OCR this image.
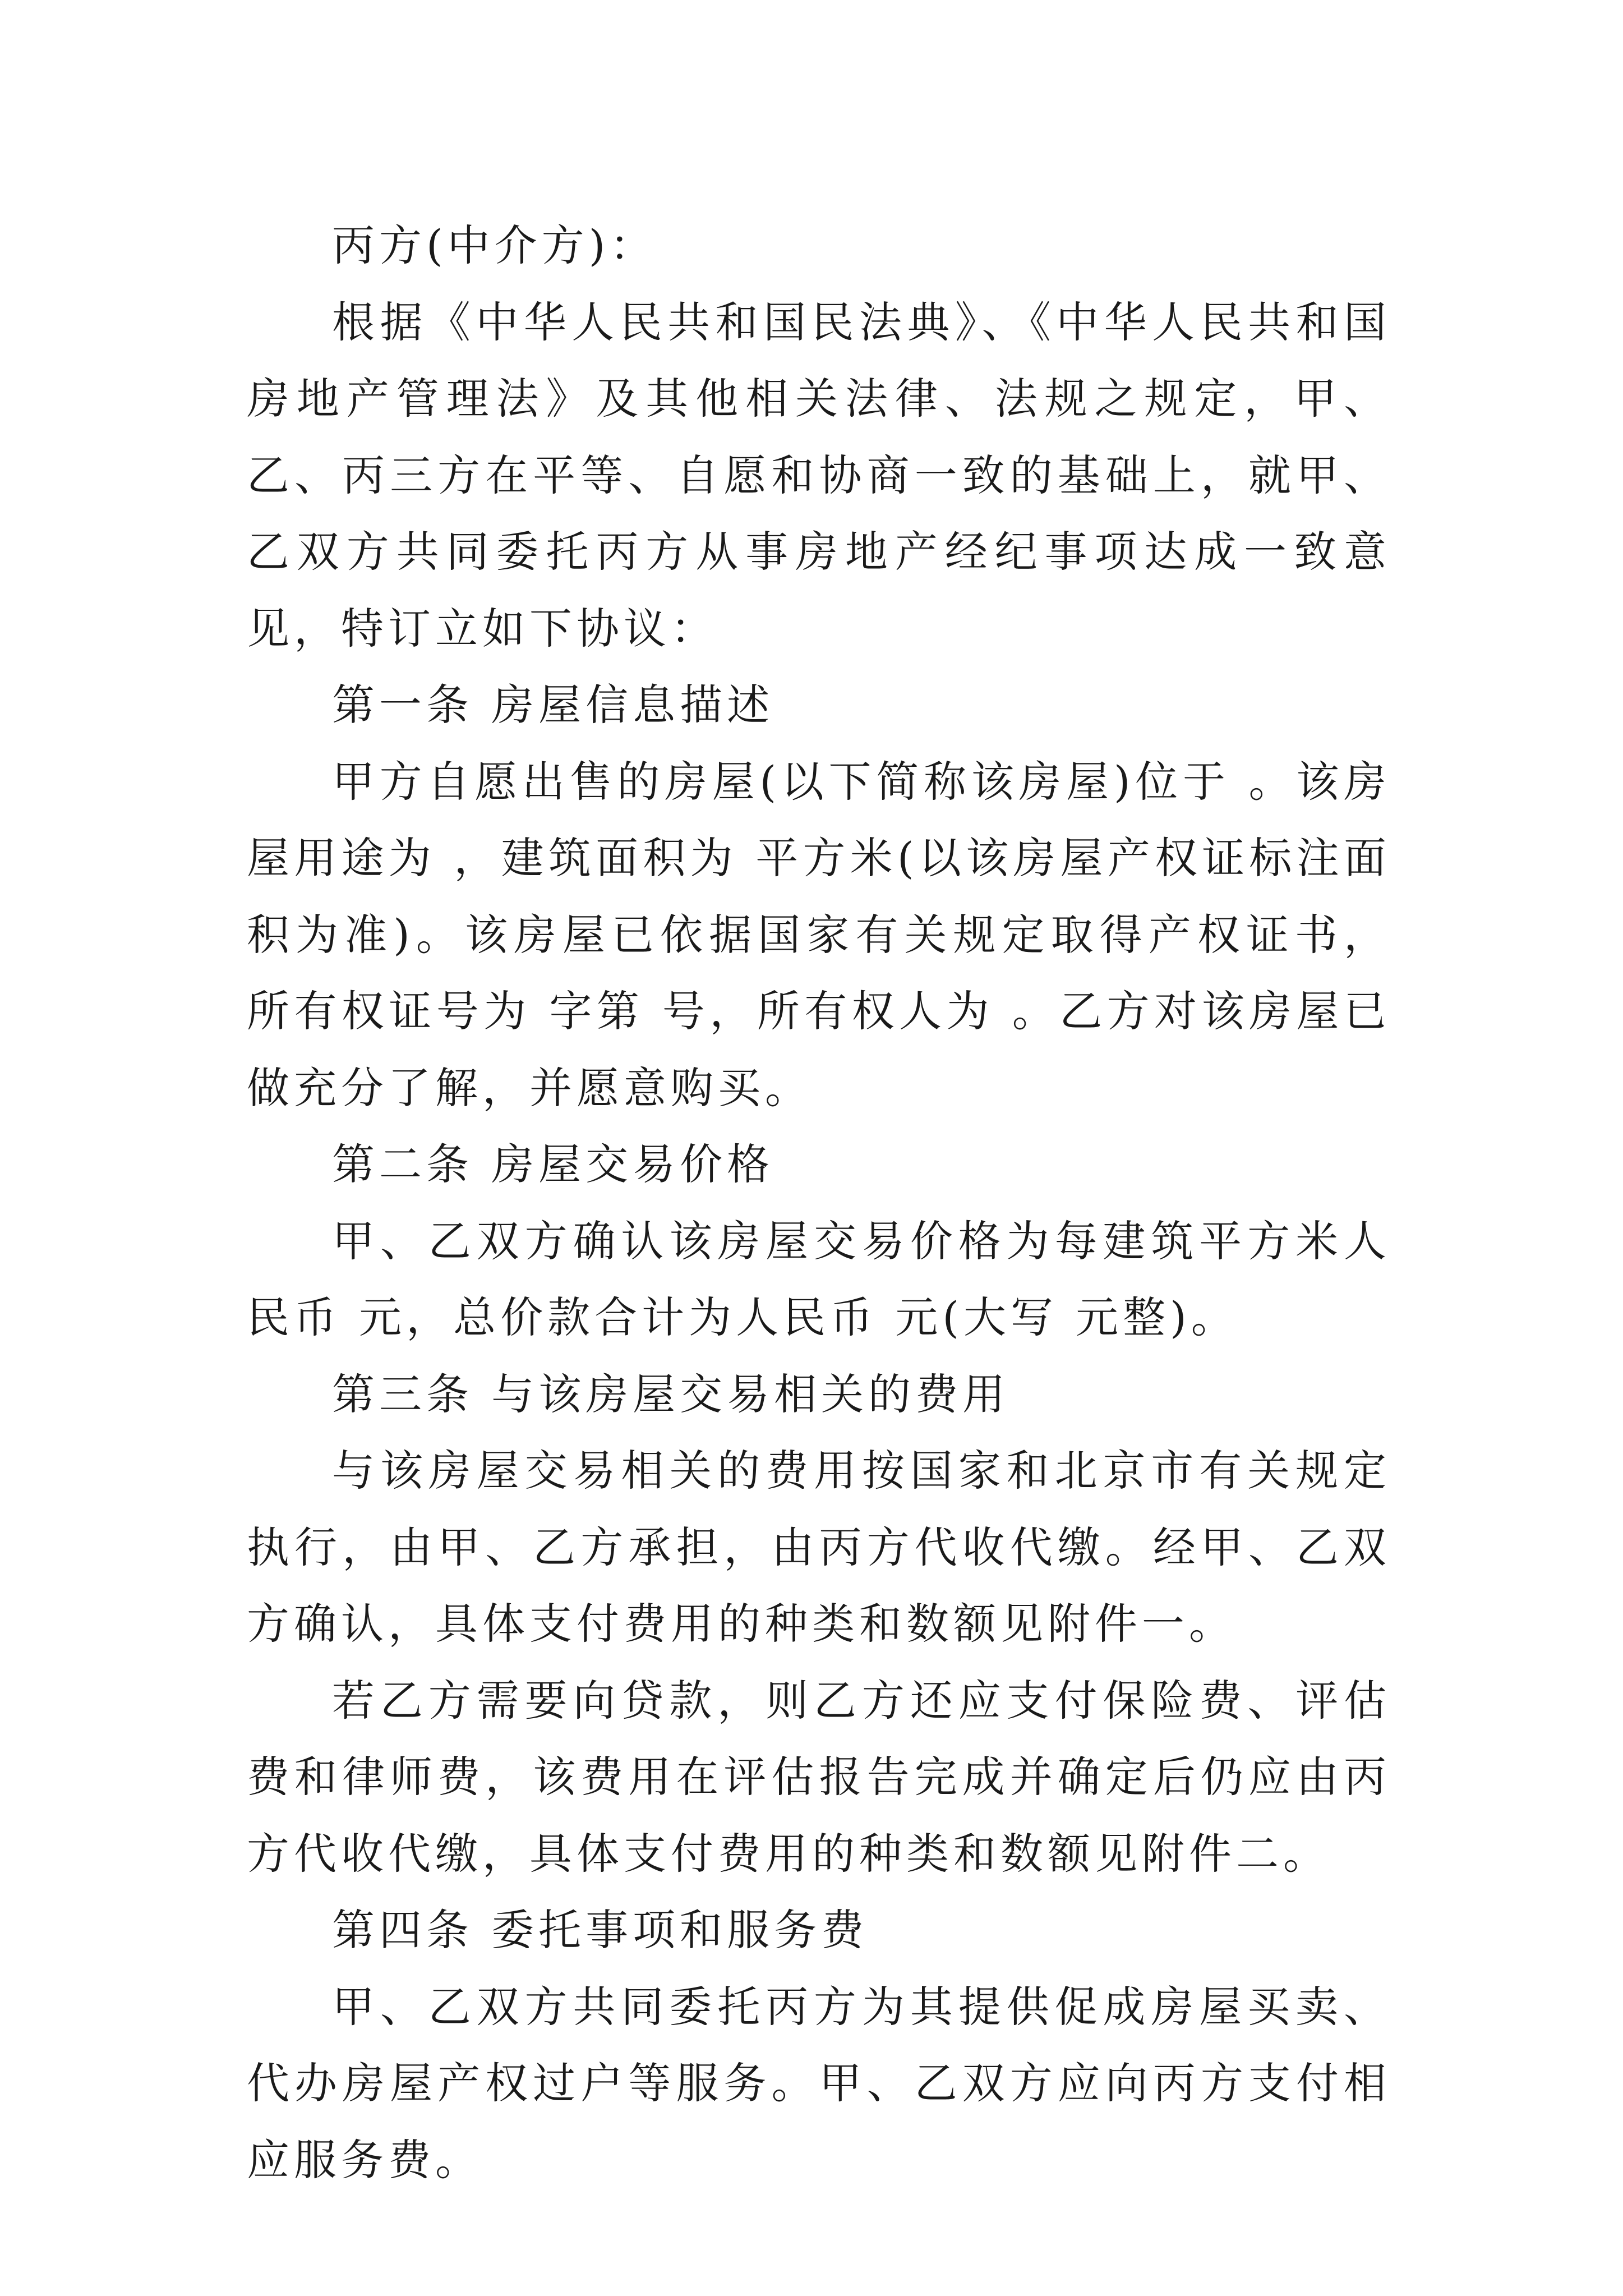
丙方(中介方)：

根据《中华人民共和国民法典》、《中华人民共和国房地产管理法》及其他相关法律、法规之规定，甲、乙、丙三方在平等、自愿和协商一致的基础上，就甲、乙双方共同委托丙方从事房地产经纪事项达成一致意见，特订立如下协议：

第一条 房屋信息描述

甲方自愿出售的房屋(以下简称该房屋)位于 。该房屋用途为 ，建筑面积为 平方米(以该房屋产权证标注面积为准)。该房屋已依据国家有关规定取得产权证书，所有权证号为 字第 号，所有权人为 。乙方对该房屋已做充分了解，并愿意购买。

第二条 房屋交易价格

甲、乙双方确认该房屋交易价格为每建筑平方米人民币 元，总价款合计为人民币 元(大写 元整)。

第三条 与该房屋交易相关的费用

与该房屋交易相关的费用按国家和北京市有关规定执行，由甲、乙方承担，由丙方代收代缴。经甲、乙双方确认，具体支付费用的种类和数额见附件一。

若乙方需要向贷款，则乙方还应支付保险费、评估费和律师费，该费用在评估报告完成并确定后仍应由丙方代收代缴，具体支付费用的种类和数额见附件二。

第四条 委托事项和服务费

甲、乙双方共同委托丙方为其提供促成房屋买卖、代办房屋产权过户等服务。甲、乙双方应向丙方支付相应服务费。
